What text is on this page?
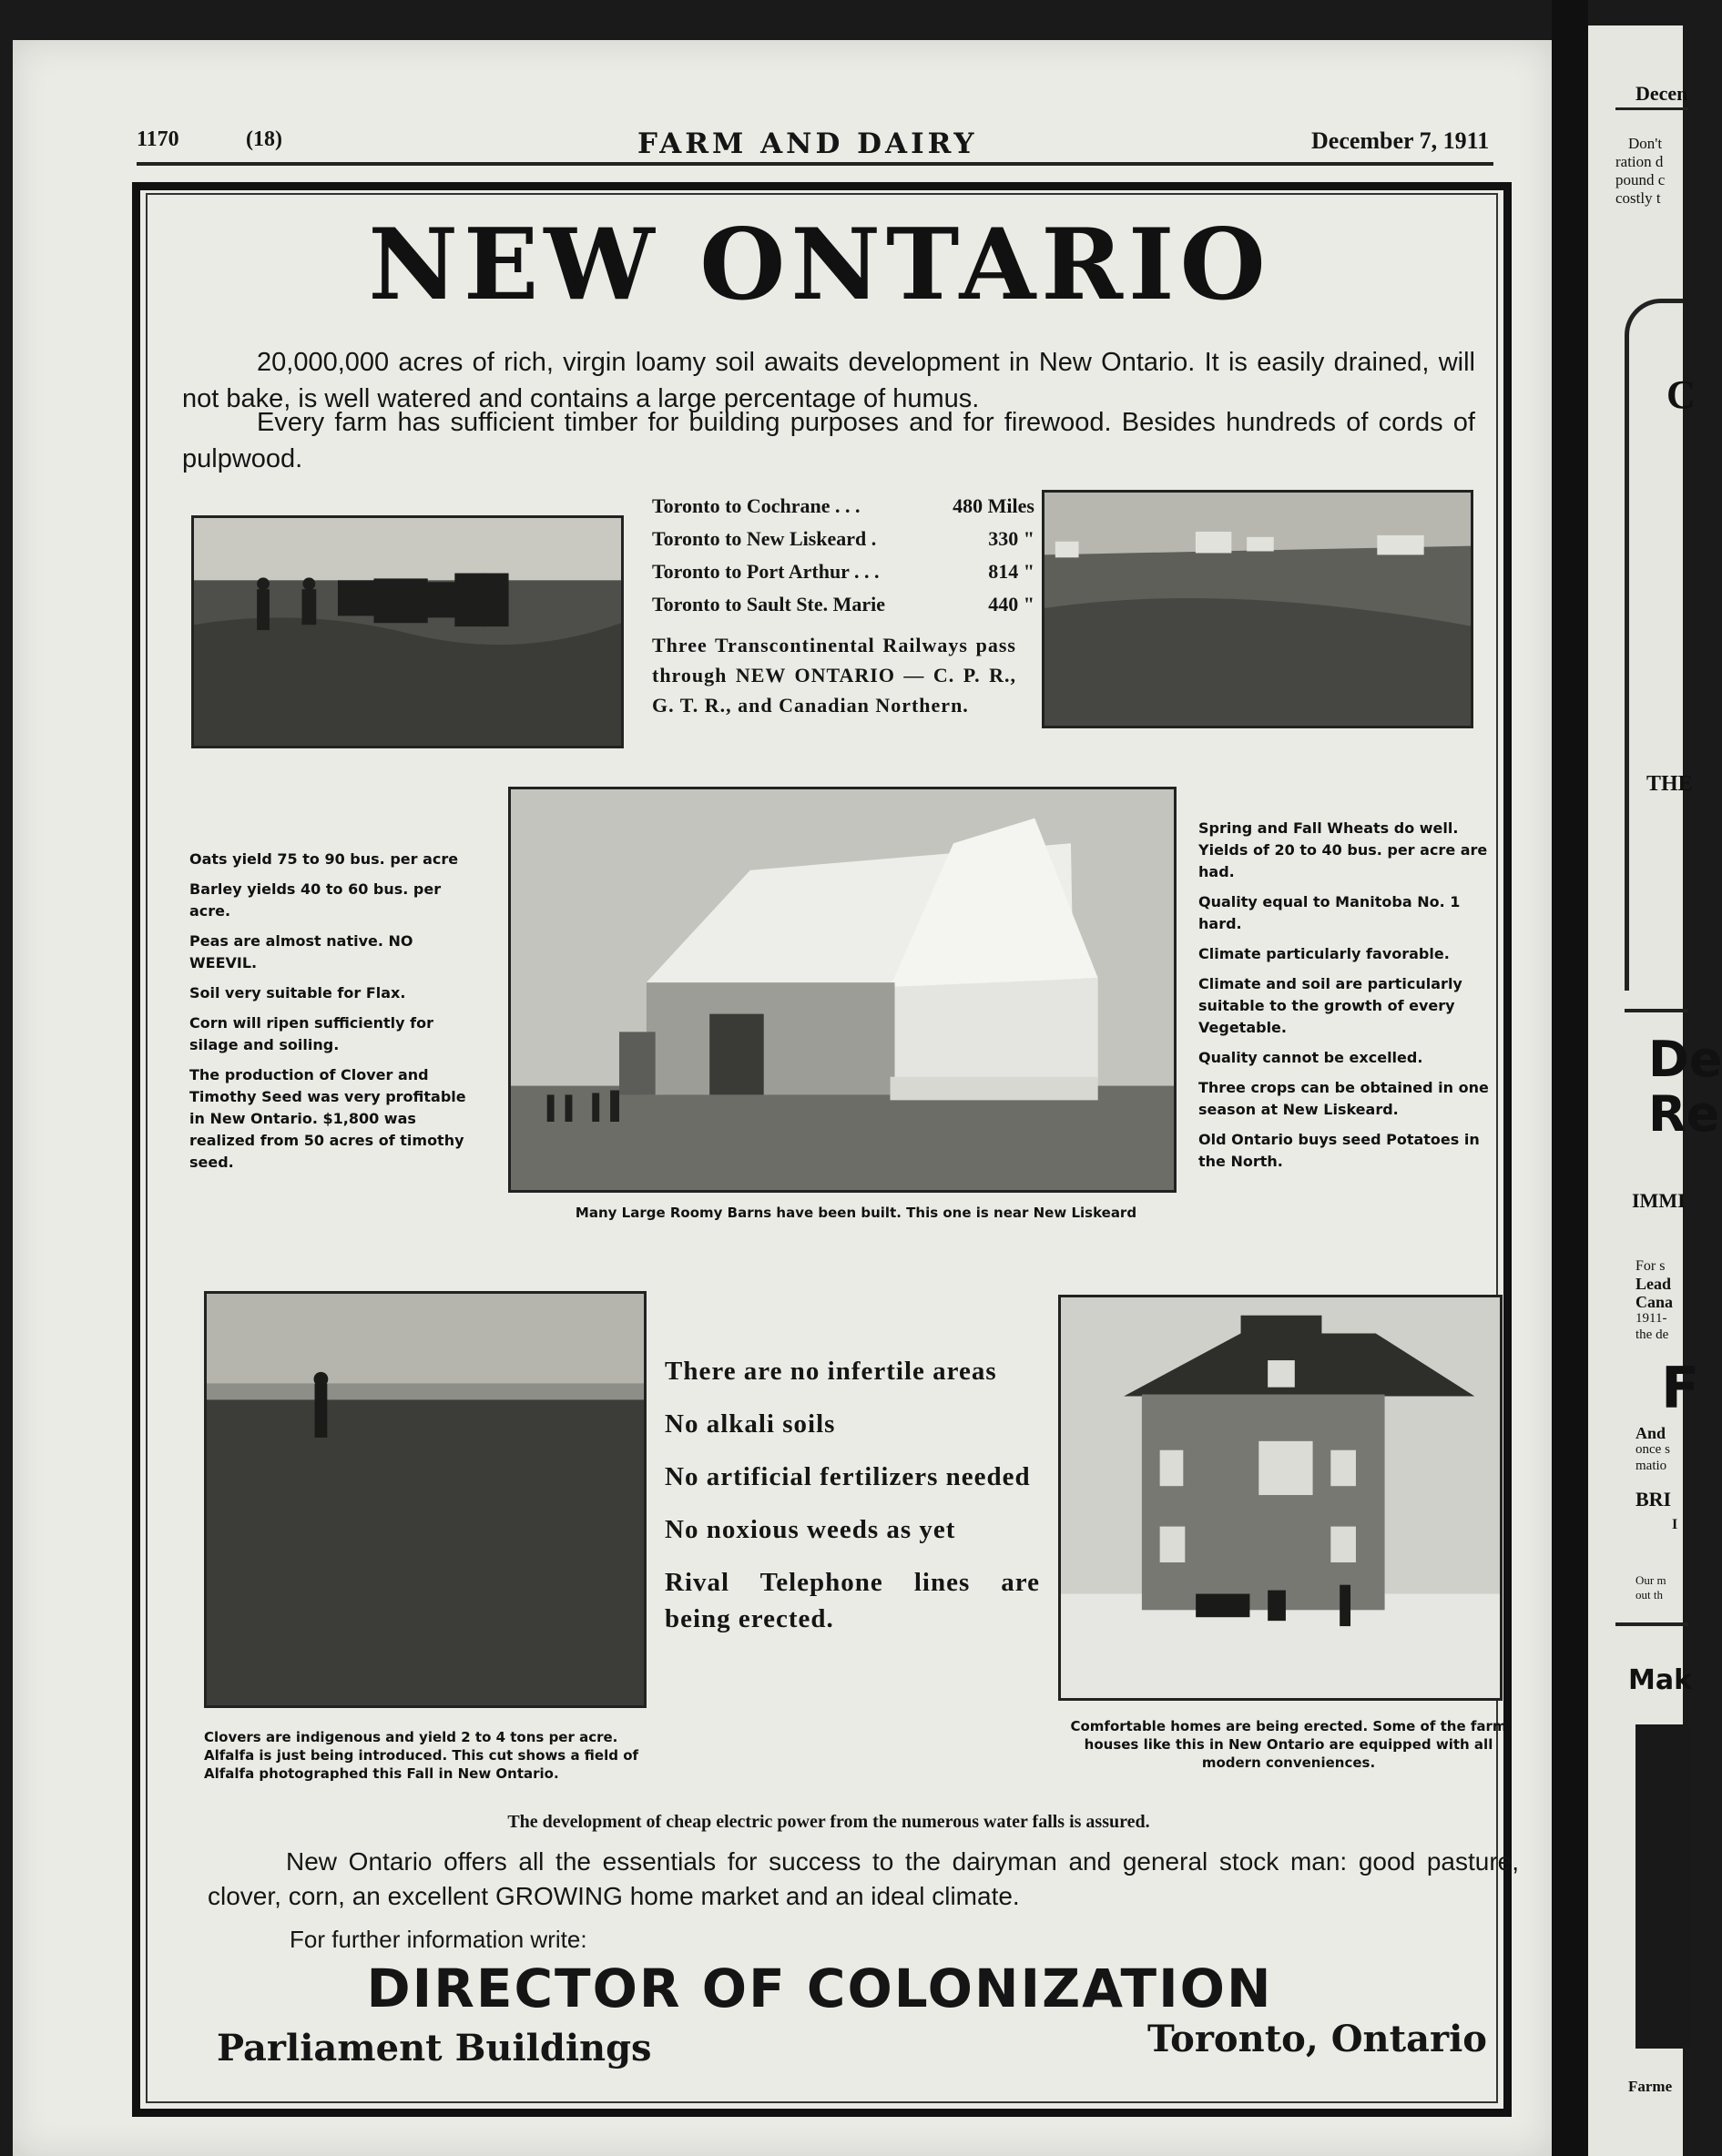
Decen
Don't
ration d
pound c
costly t
C
THE
De
Re
IMMI
For s
Lead
Cana
1911-
the de
F
And
once s
matio
BRI
I
Our m
out th
Mak
Farme
1170	(18)	FARM AND DAIRY	December 7, 1911
NEW ONTARIO
20,000,000 acres of rich, virgin loamy soil awaits development in New Ontario. It is easily drained, will not bake, is well watered and contains a large percentage of humus.
Every farm has sufficient timber for building purposes and for firewood. Besides hundreds of cords of pulpwood.
Toronto to Cochrane . . .	480 Miles
Toronto to New Liskeard .	330 "
Toronto to Port Arthur . . .	814 "
Toronto to Sault Ste. Marie	440 "
Three Transcontinental Railways pass through NEW ONTARIO — C. P. R., G. T. R., and Canadian Northern.

Oats yield 75 to 90 bus. per acre

Barley yields 40 to 60 bus. per acre.

Peas are almost native. NO WEEVIL.

Soil very suitable for Flax.

Corn will ripen sufficiently for silage and soiling.

The production of Clover and Timothy Seed was very profitable in New Ontario. $1,800 was realized from 50 acres of timothy seed.

Many Large Roomy Barns have been built. This one is near New Liskeard

Spring and Fall Wheats do well. Yields of 20 to 40 bus. per acre are had.

Quality equal to Manitoba No. 1 hard.

Climate particularly favorable.

Climate and soil are particularly suitable to the growth of every Vegetable.

Quality cannot be excelled.

Three crops can be obtained in one season at New Liskeard.

Old Ontario buys seed Potatoes in the North.

There are no infertile areas

No alkali soils

No artificial fertilizers needed

No noxious weeds as yet

Rival Telephone lines are being erected.

Clovers are indigenous and yield 2 to 4 tons per acre. Alfalfa is just being introduced. This cut shows a field of Alfalfa photographed this Fall in New Ontario.
Comfortable homes are being erected. Some of the farm houses like this in New Ontario are equipped with all modern conveniences.
The development of cheap electric power from the numerous water falls is assured.
New Ontario offers all the essentials for success to the dairyman and general stock man: good pasture, clover, corn, an excellent GROWING home market and an ideal climate.
For further information write:
DIRECTOR OF COLONIZATION
Parliament Buildings	Toronto, Ontario
